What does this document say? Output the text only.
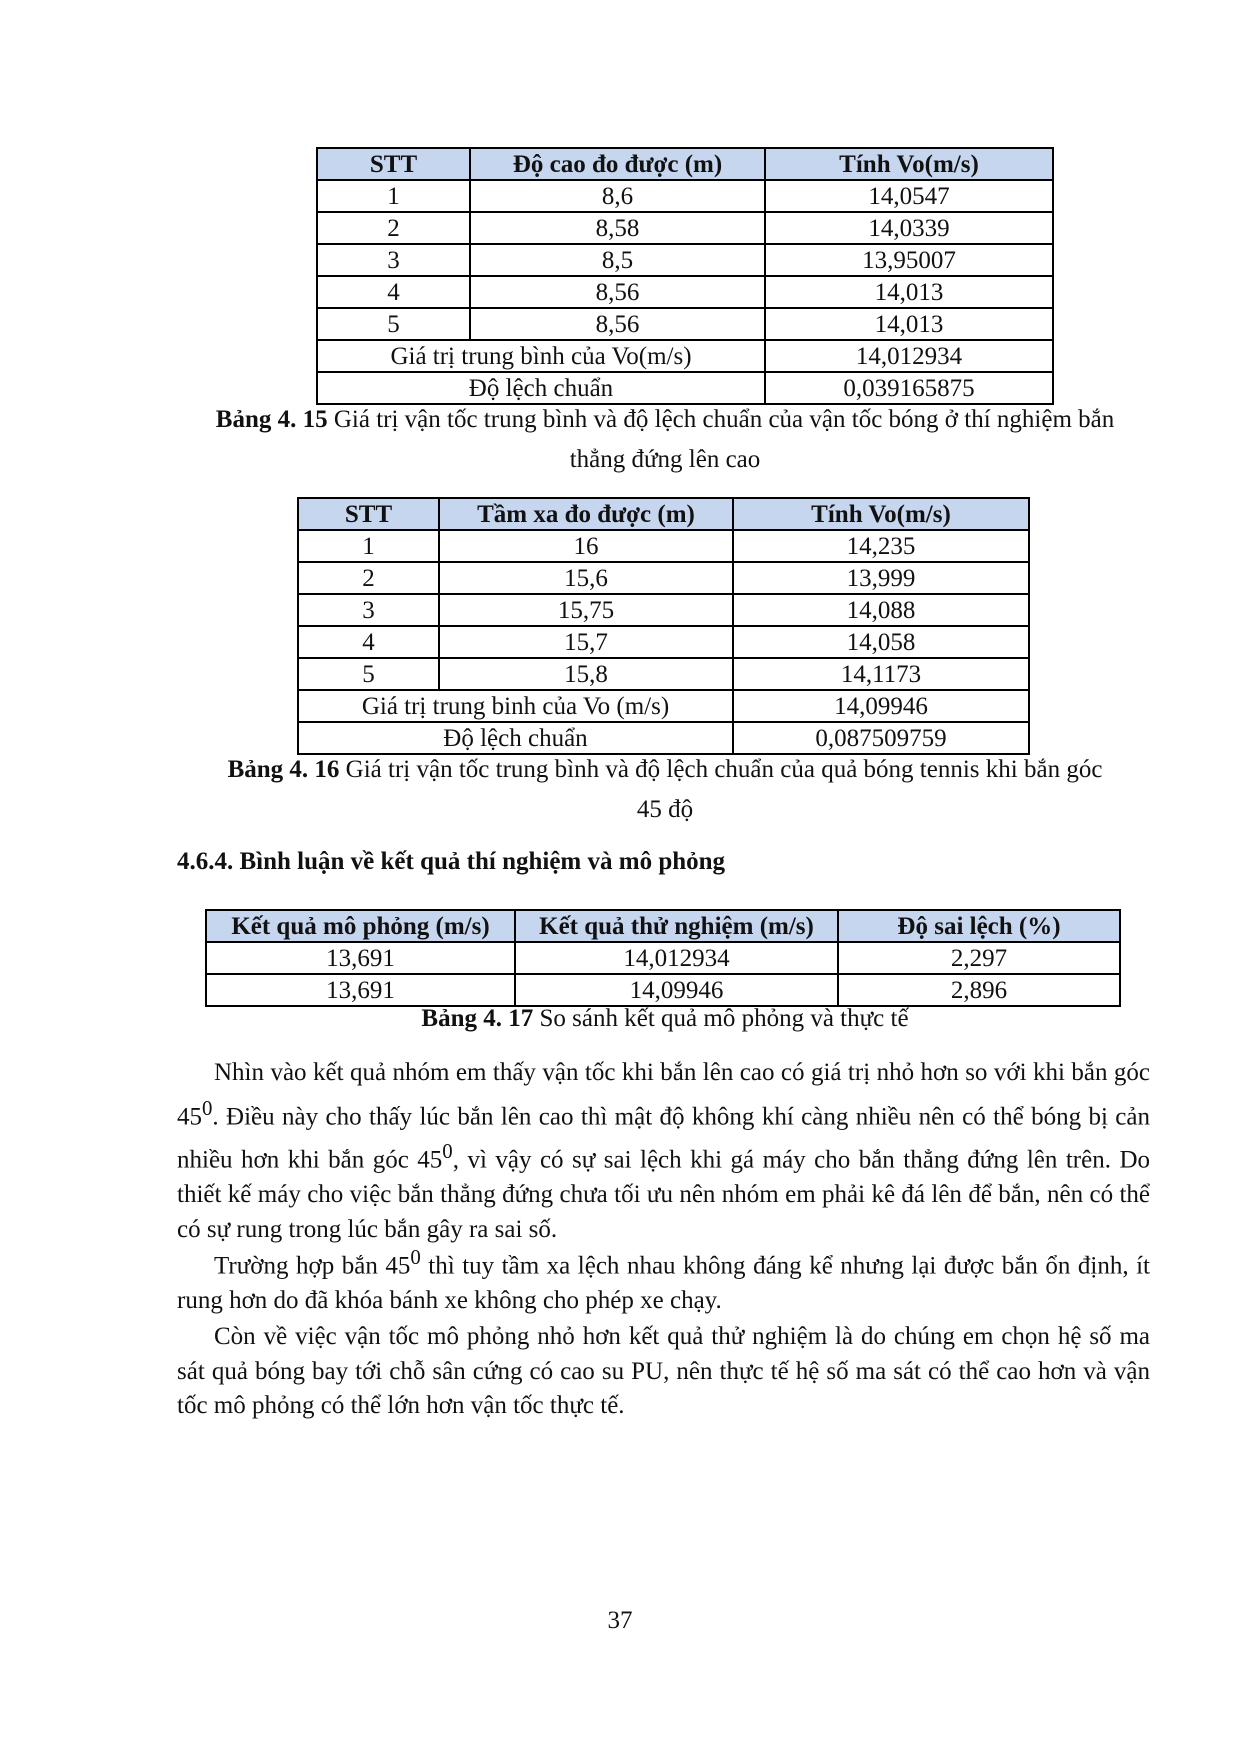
STT	Độ cao đo được (m)	Tính Vo(m/s)
1	8,6	14,0547
2	8,58	14,0339
3	8,5	13,95007
4	8,56	14,013
5	8,56	14,013
Giá trị trung bình của Vo(m/s)		14,012934
Độ lệch chuẩn		0,039165875
Bảng 4. 15 Giá trị vận tốc trung bình và độ lệch chuẩn của vận tốc bóng ở thí nghiệm bắn
thẳng đứng lên cao
STT	Tầm xa đo được (m)	Tính Vo(m/s)
1	16	14,235
2	15,6	13,999
3	15,75	14,088
4	15,7	14,058
5	15,8	14,1173
Giá trị trung binh của Vo (m/s)		14,09946
Độ lệch chuẩn		0,087509759
Bảng 4. 16 Giá trị vận tốc trung bình và độ lệch chuẩn của quả bóng tennis khi bắn góc
45 độ
4.6.4. Bình luận về kết quả thí nghiệm và mô phỏng
Kết quả mô phỏng (m/s)	Kết quả thử nghiệm (m/s)	Độ sai lệch (%)
13,691	14,012934	2,297
13,691	14,09946	2,896
Bảng 4. 17 So sánh kết quả mô phỏng và thực tế

Nhìn vào kết quả nhóm em thấy vận tốc khi bắn lên cao có giá trị nhỏ hơn so với khi bắn góc $45^0$. Điều này cho thấy lúc bắn lên cao thì mật độ không khí càng nhiều nên có thể bóng bị cản nhiều hơn khi bắn góc $45^0$, vì vậy có sự sai lệch khi gá máy cho bắn thẳng đứng lên trên. Do thiết kế máy cho việc bắn thẳng đứng chưa tối ưu nên nhóm em phải kê đá lên để bắn, nên có thể có sự rung trong lúc bắn gây ra sai số.

Trường hợp bắn $45^0$ thì tuy tầm xa lệch nhau không đáng kể nhưng lại được bắn ổn định, ít rung hơn do đã khóa bánh xe không cho phép xe chạy.

Còn về việc vận tốc mô phỏng nhỏ hơn kết quả thử nghiệm là do chúng em chọn hệ số ma sát quả bóng bay tới chỗ sân cứng có cao su PU, nên thực tế hệ số ma sát có thể cao hơn và vận tốc mô phỏng có thể lớn hơn vận tốc thực tế.

37
